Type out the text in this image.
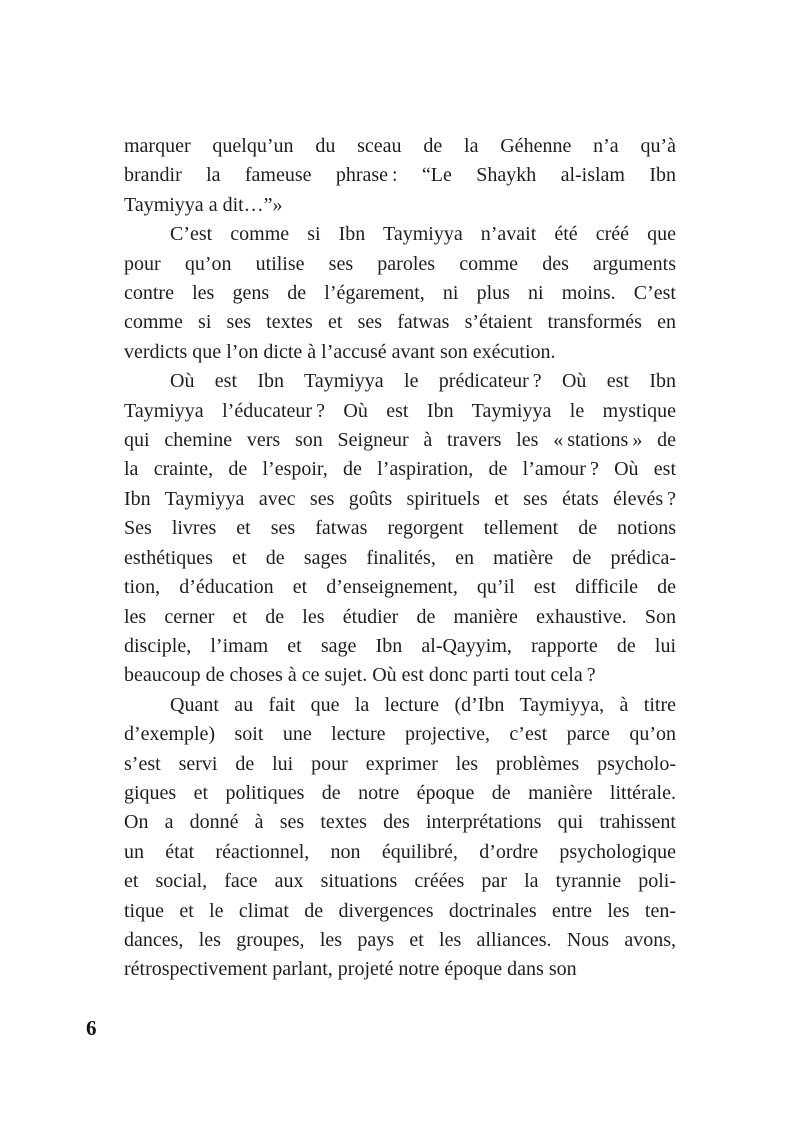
marquer quelqu’un du sceau de la Géhenne n’a qu’à
brandir la fameuse phrase : “Le Shaykh al-islam Ibn
Taymiyya a dit…”»
C’est comme si Ibn Taymiyya n’avait été créé que
pour qu’on utilise ses paroles comme des arguments
contre les gens de l’égarement, ni plus ni moins. C’est
comme si ses textes et ses fatwas s’étaient transformés en
verdicts que l’on dicte à l’accusé avant son exécution.
Où est Ibn Taymiyya le prédicateur ? Où est Ibn
Taymiyya l’éducateur ? Où est Ibn Taymiyya le mystique
qui chemine vers son Seigneur à travers les « stations » de
la crainte, de l’espoir, de l’aspiration, de l’amour ? Où est
Ibn Taymiyya avec ses goûts spirituels et ses états élevés ?
Ses livres et ses fatwas regorgent tellement de notions
esthétiques et de sages finalités, en matière de prédica-
tion, d’éducation et d’enseignement, qu’il est difficile de
les cerner et de les étudier de manière exhaustive. Son
disciple, l’imam et sage Ibn al-Qayyim, rapporte de lui
beaucoup de choses à ce sujet. Où est donc parti tout cela ?
Quant au fait que la lecture (d’Ibn Taymiyya, à titre
d’exemple) soit une lecture projective, c’est parce qu’on
s’est servi de lui pour exprimer les problèmes psycholo-
giques et politiques de notre époque de manière littérale.
On a donné à ses textes des interprétations qui trahissent
un état réactionnel, non équilibré, d’ordre psychologique
et social, face aux situations créées par la tyrannie poli-
tique et le climat de divergences doctrinales entre les ten-
dances, les groupes, les pays et les alliances. Nous avons,
rétrospectivement parlant, projeté notre époque dans son
6
